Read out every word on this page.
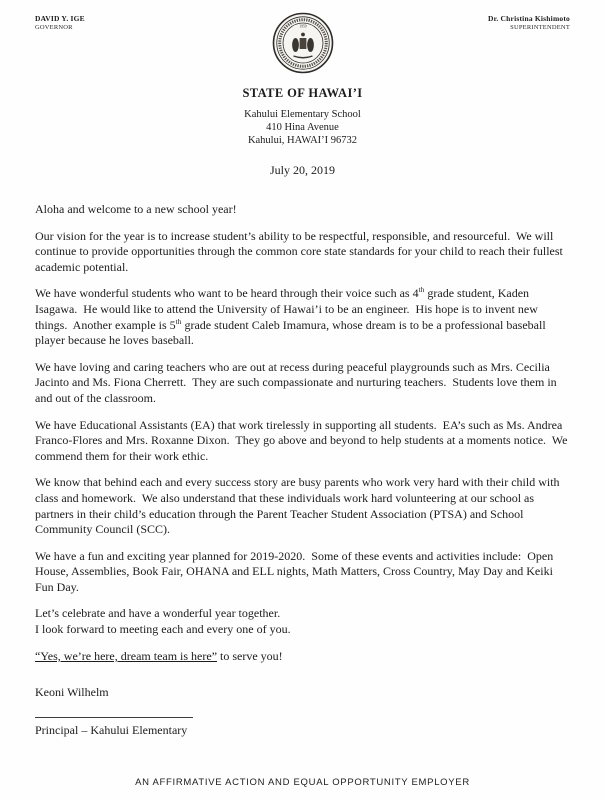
DAVID Y. IGE
GOVERNOR	1959
Dr. Christina Kishimoto
SUPERINTENDENT
STATE OF HAWAI’I
Kahului Elementary School
410 Hina Avenue
Kahului, HAWAI’I 96732
July 20, 2019

Aloha and welcome to a new school year!

Our vision for the year is to increase student’s ability to be respectful, responsible, and resourceful.  We will continue to provide opportunities through the common core state standards for your child to reach their fullest academic potential.

We have wonderful students who want to be heard through their voice such as 4th grade student, Kaden Isagawa.  He would like to attend the University of Hawai’i to be an engineer.  His hope is to invent new things.  Another example is 5th grade student Caleb Imamura, whose dream is to be a professional baseball player because he loves baseball.

We have loving and caring teachers who are out at recess during peaceful playgrounds such as Mrs. Cecilia Jacinto and Ms. Fiona Cherrett.  They are such compassionate and nurturing teachers.  Students love them in and out of the classroom.

We have Educational Assistants (EA) that work tirelessly in supporting all students.  EA’s such as Ms. Andrea Franco-Flores and Mrs. Roxanne Dixon.  They go above and beyond to help students at a moments notice.  We commend them for their work ethic.

We know that behind each and every success story are busy parents who work very hard with their child with class and homework.  We also understand that these individuals work hard volunteering at our school as partners in their child’s education through the Parent Teacher Student Association (PTSA) and School Community Council (SCC).

We have a fun and exciting year planned for 2019-2020.  Some of these events and activities include:  Open House, Assemblies, Book Fair, OHANA and ELL nights, Math Matters, Cross Country, May Day and Keiki Fun Day.

Let’s celebrate and have a wonderful year together.
I look forward to meeting each and every one of you.

“Yes, we’re here, dream team is here” to serve you!

Keoni Wilhelm
Principal – Kahului Elementary
AN AFFIRMATIVE ACTION AND EQUAL OPPORTUNITY EMPLOYER
